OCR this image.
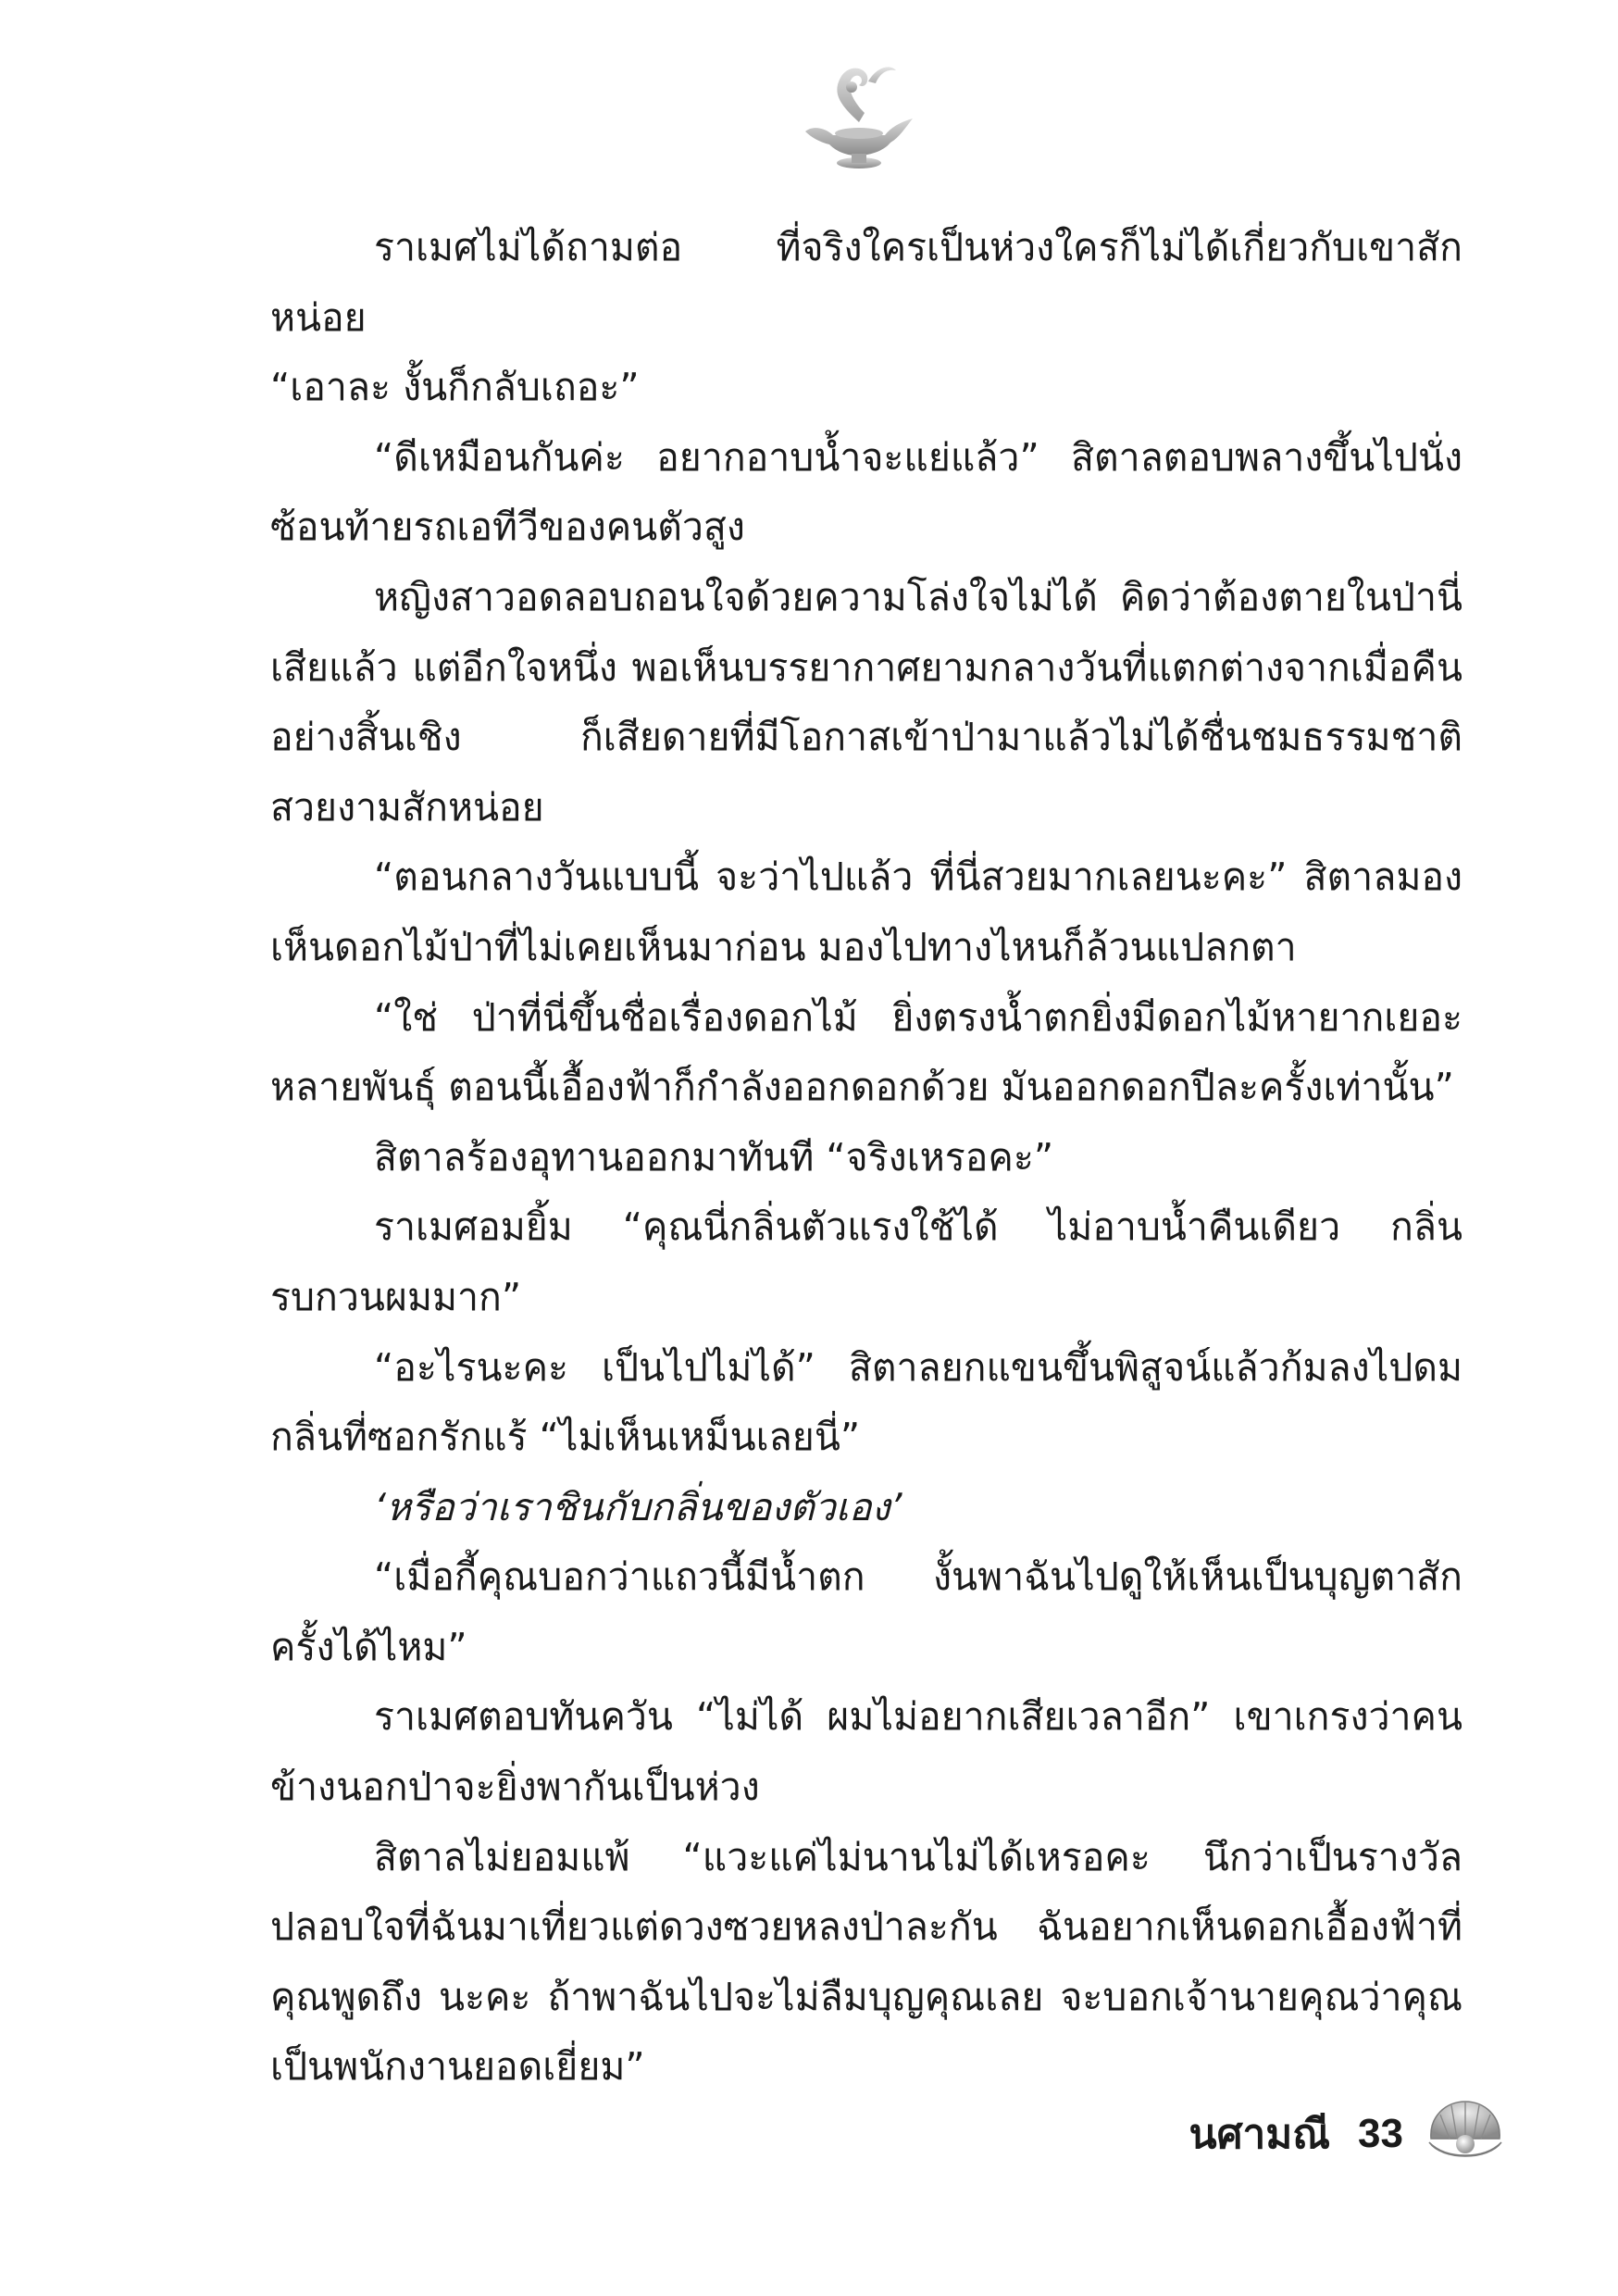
ราเมศไม่ได้ถามต่อ ที่จริงใครเป็นห่วงใครก็ไม่ได้เกี่ยวกับเขาสักหน่อย

“เอาละ งั้นก็กลับเถอะ”

“ดีเหมือนกันค่ะ อยากอาบน้ำจะแย่แล้ว” สิตาลตอบพลางขึ้นไปนั่งซ้อนท้ายรถเอทีวีของคนตัวสูง

หญิงสาวอดลอบถอนใจด้วยความโล่งใจไม่ได้ คิดว่าต้องตายในป่านี่เสียแล้ว แต่อีกใจหนึ่ง พอเห็นบรรยากาศยามกลางวันที่แตกต่างจากเมื่อคืนอย่างสิ้นเชิง ก็เสียดายที่มีโอกาสเข้าป่ามาแล้วไม่ได้ชื่นชมธรรมชาติสวยงามสักหน่อย

“ตอนกลางวันแบบนี้ จะว่าไปแล้ว ที่นี่สวยมากเลยนะคะ” สิตาลมองเห็นดอกไม้ป่าที่ไม่เคยเห็นมาก่อน มองไปทางไหนก็ล้วนแปลกตา

“ใช่ ป่าที่นี่ขึ้นชื่อเรื่องดอกไม้ ยิ่งตรงน้ำตกยิ่งมีดอกไม้หายากเยอะหลายพันธุ์ ตอนนี้เอื้องฟ้าก็กำลังออกดอกด้วย มันออกดอกปีละครั้งเท่านั้น”

สิตาลร้องอุทานออกมาทันที “จริงเหรอคะ”

ราเมศอมยิ้ม “คุณนี่กลิ่นตัวแรงใช้ได้ ไม่อาบน้ำคืนเดียว กลิ่นรบกวนผมมาก”

“อะไรนะคะ เป็นไปไม่ได้” สิตาลยกแขนขึ้นพิสูจน์แล้วก้มลงไปดมกลิ่นที่ซอกรักแร้ “ไม่เห็นเหม็นเลยนี่”

‘หรือว่าเราชินกับกลิ่นของตัวเอง’

“เมื่อกี้คุณบอกว่าแถวนี้มีน้ำตก งั้นพาฉันไปดูให้เห็นเป็นบุญตาสักครั้งได้ไหม”

ราเมศตอบทันควัน “ไม่ได้ ผมไม่อยากเสียเวลาอีก” เขาเกรงว่าคนข้างนอกป่าจะยิ่งพากันเป็นห่วง

สิตาลไม่ยอมแพ้ “แวะแค่ไม่นานไม่ได้เหรอคะ นึกว่าเป็นรางวัลปลอบใจที่ฉันมาเที่ยวแต่ดวงซวยหลงป่าละกัน ฉันอยากเห็นดอกเอื้องฟ้าที่คุณพูดถึง นะคะ ถ้าพาฉันไปจะไม่ลืมบุญคุณเลย จะบอกเจ้านายคุณว่าคุณเป็นพนักงานยอดเยี่ยม”

นศามณี 33
